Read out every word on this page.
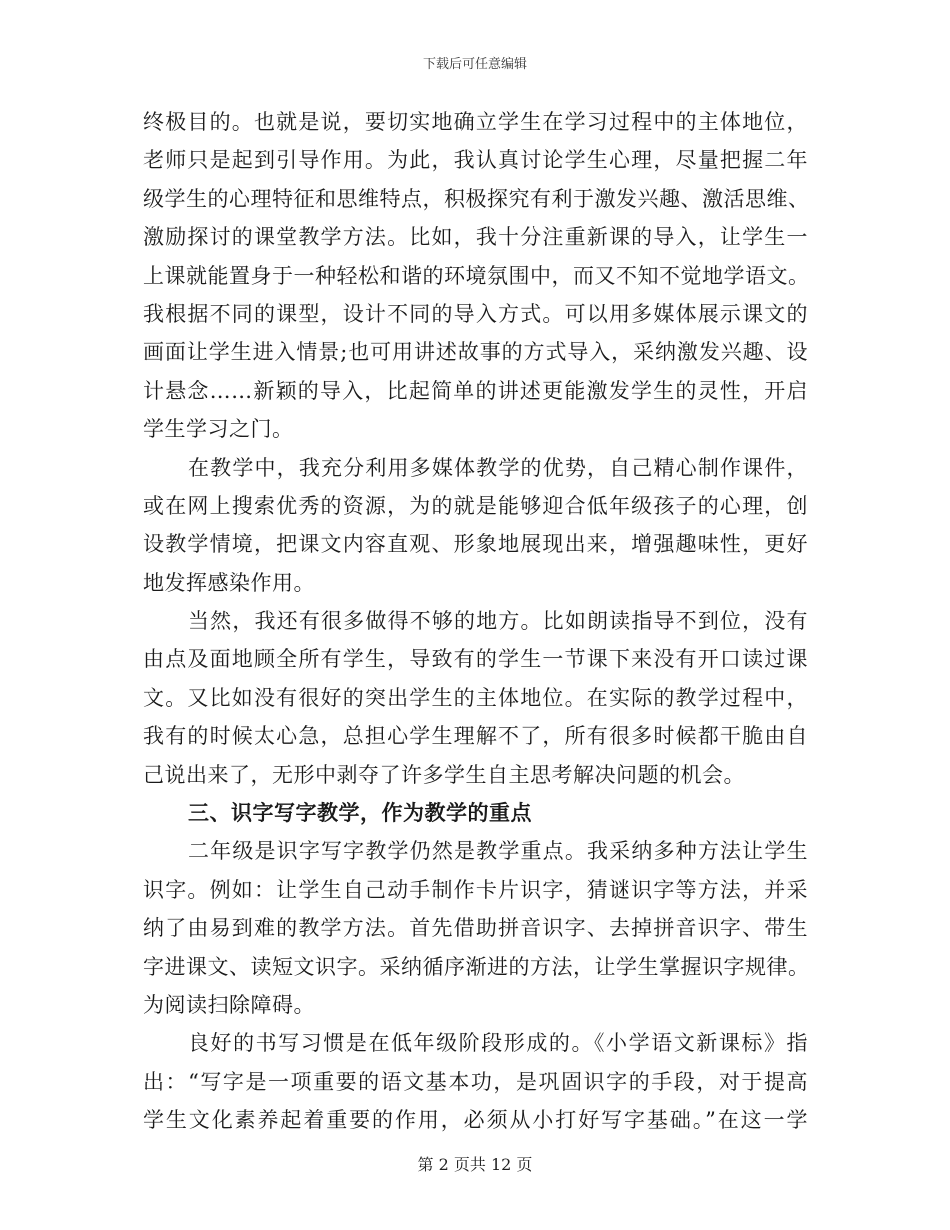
下载后可任意编辑
终极目的。也就是说，要切实地确立学生在学习过程中的主体地位，
老师只是起到引导作用。为此，我认真讨论学生心理，尽量把握二年
级学生的心理特征和思维特点，积极探究有利于激发兴趣、激活思维、
激励探讨的课堂教学方法。比如，我十分注重新课的导入，让学生一
上课就能置身于一种轻松和谐的环境氛围中，而又不知不觉地学语文。
我根据不同的课型，设计不同的导入方式。可以用多媒体展示课文的
画面让学生进入情景;也可用讲述故事的方式导入，采纳激发兴趣、设
计悬念……新颖的导入，比起简单的讲述更能激发学生的灵性，开启
学生学习之门。
在教学中，我充分利用多媒体教学的优势，自己精心制作课件，
或在网上搜索优秀的资源，为的就是能够迎合低年级孩子的心理，创
设教学情境，把课文内容直观、形象地展现出来，增强趣味性，更好
地发挥感染作用。
当然，我还有很多做得不够的地方。比如朗读指导不到位，没有
由点及面地顾全所有学生，导致有的学生一节课下来没有开口读过课
文。又比如没有很好的突出学生的主体地位。在实际的教学过程中，
我有的时候太心急，总担心学生理解不了，所有很多时候都干脆由自
己说出来了，无形中剥夺了许多学生自主思考解决问题的机会。
三、识字写字教学，作为教学的重点
二年级是识字写字教学仍然是教学重点。我采纳多种方法让学生
识字。例如：让学生自己动手制作卡片识字，猜谜识字等方法，并采
纳了由易到难的教学方法。首先借助拼音识字、去掉拼音识字、带生
字进课文、读短文识字。采纳循序渐进的方法，让学生掌握识字规律。
为阅读扫除障碍。
良好的书写习惯是在低年级阶段形成的。《小学语文新课标》指
出：“写字是一项重要的语文基本功，是巩固识字的手段，对于提高
学生文化素养起着重要的作用，必须从小打好写字基础。”在这一学
第 2 页共 12 页
